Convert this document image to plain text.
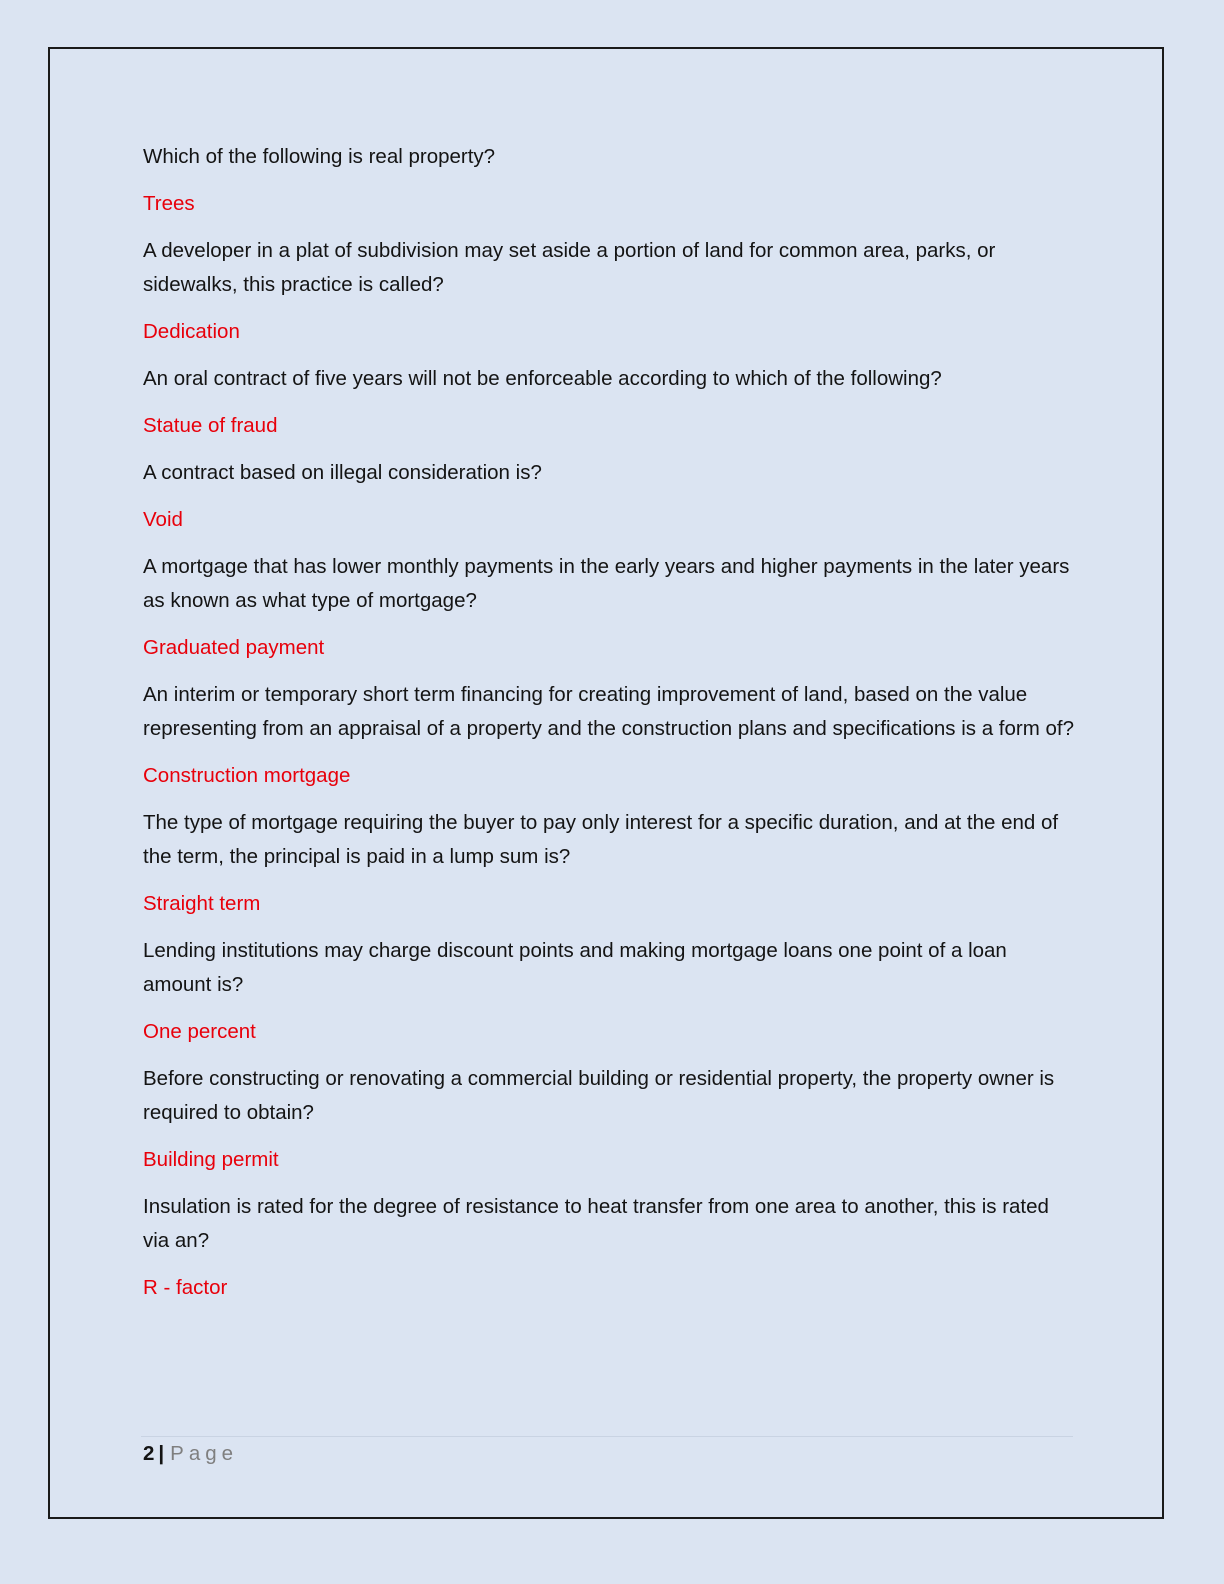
Which of the following is real property?

Trees

A developer in a plat of subdivision may set aside a portion of land for common area, parks, or sidewalks, this practice is called?

Dedication

An oral contract of five years will not be enforceable according to which of the following?

Statue of fraud

A contract based on illegal consideration is?

Void

A mortgage that has lower monthly payments in the early years and higher payments in the later years as known as what type of mortgage?

Graduated payment

An interim or temporary short term financing for creating improvement of land, based on the value representing from an appraisal of a property and the construction plans and specifications is a form of?

Construction mortgage

The type of mortgage requiring the buyer to pay only interest for a specific duration, and at the end of the term, the principal is paid in a lump sum is?

Straight term

Lending institutions may charge discount points and making mortgage loans one point of a loan amount is?

One percent

Before constructing or renovating a commercial building or residential property, the property owner is required to obtain?

Building permit

Insulation is rated for the degree of resistance to heat transfer from one area to another, this is rated via an?

R - factor

2 | Page
